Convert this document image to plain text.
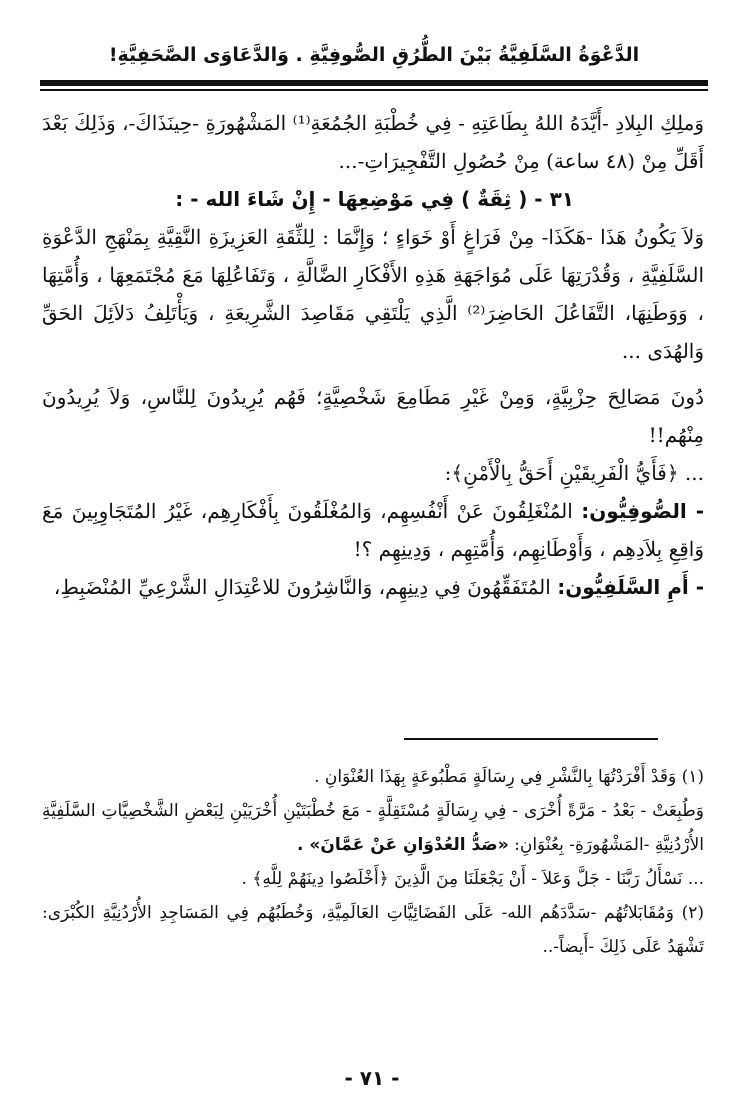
الدَّعْوَةُ السَّلَفِيَّةُ بَيْنَ الطُّرُقِ الصُّوفِيَّةِ . وَالدَّعَاوَى الصَّحَفِيَّةِ!

وَملِكِ البِلادِ -أَيَّدَهُ اللهُ بِطَاعَتِهِ - فِي خُطْبَةِ الجُمُعَةِ⁽¹⁾ المَشْهُورَةِ -حِينَذَاكَ-، وَذَلِكَ بَعْدَ أَقَلِّ مِنْ (٤٨ ساعة) مِنْ حُصُولِ التَّفْجِيرَاتِ-...

٣١ - ( ثِقَةٌ ) فِي مَوْضِعِهَا - إِنْ شَاءَ الله - :

وَلاَ يَكُونُ هَذَا -هَكَذَا- مِنْ فَرَاغٍ أَوْ خَوَاءٍ ؛ وَإِنَّمَا : لِلثِّقَةِ العَزِيزَةِ النَّقِيَّةِ بِمَنْهَجِ الدَّعْوَةِ السَّلَفِيَّةِ ، وَقُدْرَتِهَا عَلَى مُوَاجَهَةِ هَذِهِ الأَفْكَارِ الضَّالَّةِ ، وَتَفَاعُلِهَا مَعَ مُجْتَمَعِهَا ، وَأُمَّتِهَا ، وَوَطَنِهَا، التَّفَاعُلَ الحَاضِرَ⁽²⁾ الَّذِي يَلْتَقِي مَقَاصِدَ الشَّرِيعَةِ ، وَيَأْتَلِفُ دَلاَئِلَ الحَقِّ وَالهُدَى ...

دُونَ مَصَالِحَ حِزْبِيَّةٍ، وَمِنْ غَيْرِ مَطَامِعَ شَخْصِيَّةٍ؛ فَهُم يُرِيدُونَ لِلنَّاسِ، وَلاَ يُرِيدُونَ مِنْهُم!!

... ﴿فَأَيُّ الْفَرِيقَيْنِ أَحَقُّ بِالْأَمْنِ﴾:

- الصُّوفِيُّون: المُنْغَلِقُونَ عَنْ أَنْفُسِهِم، وَالمُغْلَقُونَ بِأَفْكَارِهِم، غَيْرُ المُتَجَاوِبِينَ مَعَ وَاقِعِ بِلاَدِهِم ، وَأَوْطَانِهِم، وَأُمَّتِهِم ، وَدِينِهِم ؟!

- أَمِ السَّلَفِيُّون: المُتَفَقِّهُونَ فِي دِينِهِم، وَالنَّاشِرُونَ للاعْتِدَالِ الشَّرْعِيِّ المُنْضَبِطِ،

(١) وَقَدْ أَفْرَدْتُهَا بِالنَّشْرِ فِي رِسَالَةٍ مَطْبُوعَةٍ بِهَذَا العُنْوَانِ .

وَطُبِعَتْ - بَعْدُ - مَرَّةً أُخْرَى - فِي رِسَالَةٍ مُسْتَقِلَّةٍ - مَعَ خُطْبَتَيْنِ أُخْرَيَيْنِ لِبَعْضِ الشَّخْصِيَّاتِ السَّلَفِيَّةِ الأُرْدُنِيَّةِ -المَشْهُورَةِ- بِعُنْوَانِ: «صَدُّ العُدْوَانِ عَنْ عَمَّانَ» .

... نَسْأَلُ رَبَّنَا - جَلَّ وَعَلاَ - أَنْ يَجْعَلَنَا مِنَ الَّذِينَ ﴿أَخْلَصُوا دِينَهُمْ لِلَّهِ﴾ .

(٢) وَمُقَابَلاتُهُم -سَدَّدَهُم الله- عَلَى الفَضَائِيَّاتِ العَالَمِيَّةِ، وَخُطَبُهُم فِي المَسَاجِدِ الأُرْدُنِيَّةِ الكُبْرَى: تَشْهَدُ عَلَى ذَلِكَ -أَيضاً-..

- ٧١ -
